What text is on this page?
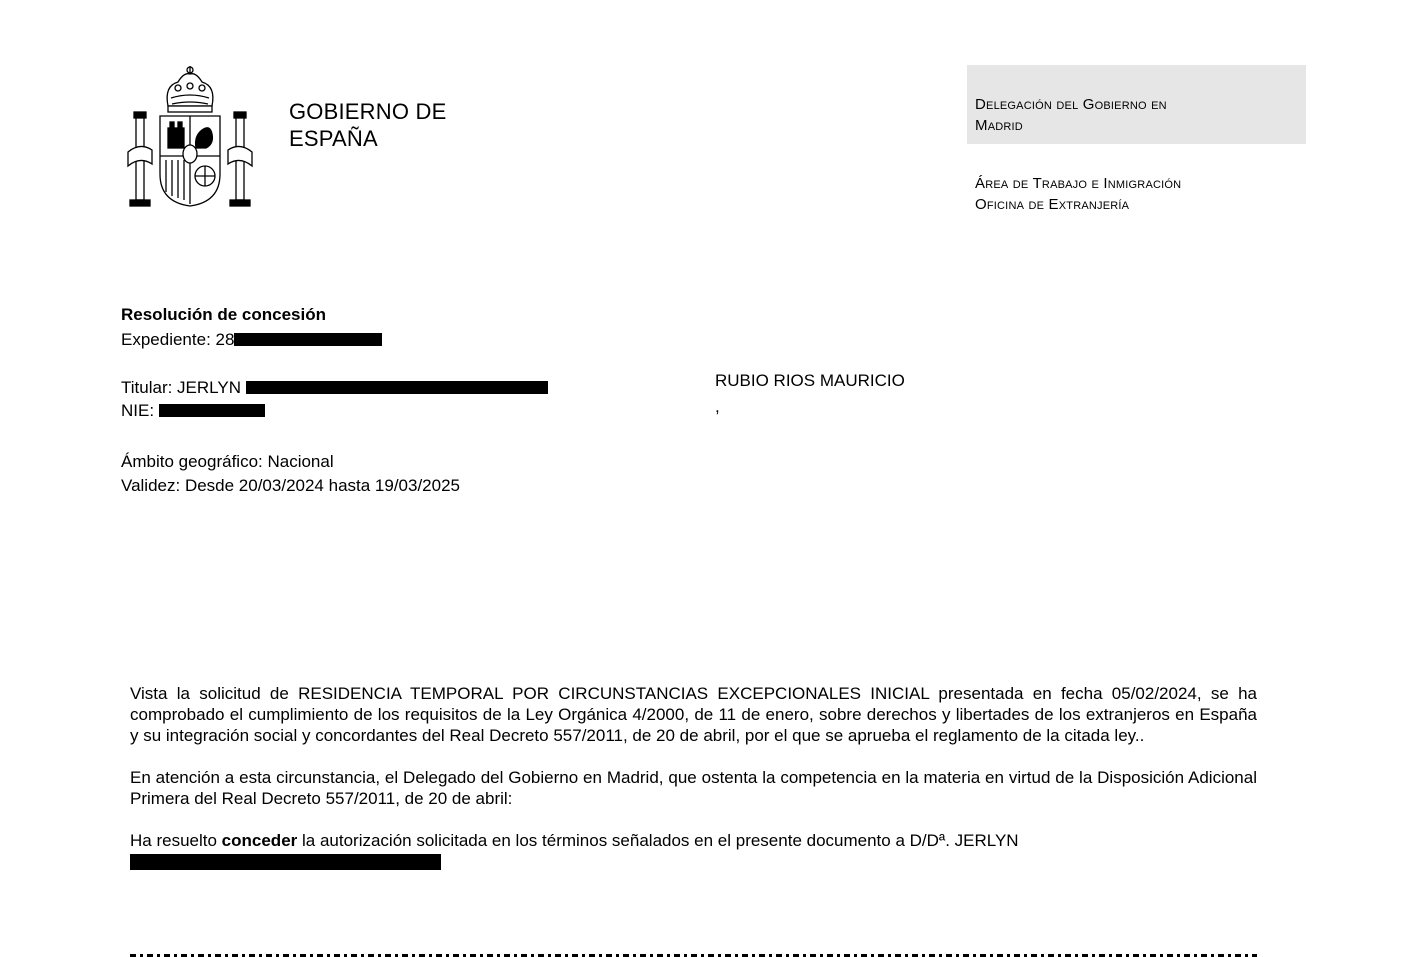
GOBIERNO DE
ESPAÑA
Delegación del Gobierno en
Madrid
Área de Trabajo e Inmigración
Oficina de Extranjería
Resolución de concesión
Expediente: 28
Titular: JERLYN
NIE:
Ámbito geográfico: Nacional
Validez: Desde 20/03/2024 hasta 19/03/2025
RUBIO RIOS MAURICIO
,

Vista la solicitud de RESIDENCIA TEMPORAL POR CIRCUNSTANCIAS EXCEPCIONALES INICIAL presentada en fecha 05/02/2024, se ha comprobado el cumplimiento de los requisitos de la Ley Orgánica 4/2000, de 11 de enero, sobre derechos y libertades de los extranjeros en España y su integración social y concordantes del Real Decreto 557/2011, de 20 de abril, por el que se aprueba el reglamento de la citada ley..

En atención a esta circunstancia, el Delegado del Gobierno en Madrid, que ostenta la competencia en la materia en virtud de la Disposición Adicional Primera del Real Decreto 557/2011, de 20 de abril:

Ha resuelto conceder la autorización solicitada en los términos señalados en el presente documento a D/Dª. JERLYN
